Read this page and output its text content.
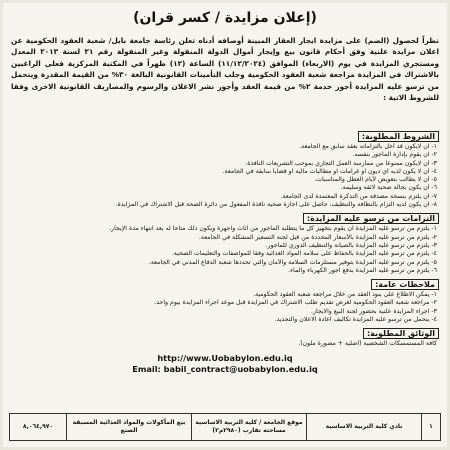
(إعلان مزايدة / كسر قران)
نظراً لحصول (الضم) على مزايدة ايجار العقار المبينة أوصافه أدناه تعلن رئاسة جامعة بابل/ شعبة العقود الحكومية عن اعلان مزايدة علنية وفق أحكام قانون بيع وإيجار أموال الدولة المنقولة وغير المنقولة رقم ٢١ لسنة ٢٠١٣ المعدل ومستجري المزايدة في يوم (الاربعاء) الموافق (١١/١٢/٢٠٢٤) الساعة (١٢) ظهراً في المكتبة المركزية فعلى الراغبين بالاشتراك في المزايدة مراجعة شعبة العقود الحكومية وجلب التأمينات القانونية البالغة ٣٠% من القيمة المقدرة ويتحمل من ترسو عليه المزايدة أجور خدمة ٢% من قيمة العقد وأجور نشر الاعلان والرسوم والمصاريف القانونية الاخرى وفقا للشروط الاتية :
الشروط المطلوبة:
١- ان لايكون قد أخل بالتزاماته بعقد سابق مع الجامعة.
٢- ان يقوم بإدارة المأجور بنفسه.
٣- ان لايكون ممنوعا من ممارسة العمل التجاري بموجب التشريعات النافذة.
٤- ان لا يكون لديه أي ديون او غرامات او مطالبات مالية او قضايا سابقة في الجامعة.
٥- ان لا يطالب بتعويض لأيام العطل والمناسبات.
٦- ان يكون بحالة صحية لائقة وسليمة.
٧- ان يلتزم بنسخة مصدقة من التذكرة المعتمدة لدى الجامعة.
٨- ان يكون لديه التزام بالنظافة والتنظيف، حاصل على اجازة صحية نافذة المفعول من دائرة الصحة قبل الاشتراك في المزايدة.
التزامات من ترسو عليه المزايدة:
١- يلتزم من ترسو عليه المزايدة ان يقوم بتجهيز كل ما يتطلبه المأجور من اثاث واجهزة ويكون ذلك متاحاً له بعد انتهاء مدة الإيجار.
٢- يلتزم من ترسو عليه المزايدة بالأسعار المحددة من قبل لجنة التسعير المشكلة في الجامعة.
٣- يلتزم من ترسو عليه المزايدة بالصيانة والتنظيف الدوري للمأجور.
٤- يلتزم من ترسو عليه المزايدة بالحفاظ على سلامة المواد الغذائية وفقاً للمواصفات والتعليمات الصحية.
٥- يلتزم من ترسو عليه المزايدة بتوفير مستلزمات السلامة والأمان والتي تحددها شعبة الدفاع المدني في الجامعة.
٦- يلتزم من ترسو عليه المزايدة بدفع اجور الكهرباء والماء.
ملاحظات عامة:
١- يمكن الاطلاع على بنود العقد من خلال مراجعة شعبة العقود الحكومية.
٢- مراجعة شعبة العقود الحكومية لغرض تقديم طلب الاشتراك في المزايدة قبل موعد اجراء المزايدة بيوم واحد.
٣- اجراء المزايدة علنية بحضور لجنة البيع والايجار.
٤- يتحمل من ترسو عليه المزايدة تكاليف اعادة الاعلان والتجديد.
الوثائق المطلوبة:
كافة المستمسكات الشخصية (اصلية + مصورة ملون).
http://www.Uobabylon.edu.iq
Email: babil_contract@uobabylon.edu.iq
١	نادي كلية التربية الاساسية	موقع الجامعة / كلية التربية الاساسية مساحته تقارب (٢٩٨٠م٢)	بيع المأكولات والمواد الغذائية المسبقة الصنع	٨,٠٦٤,٩٧٠
